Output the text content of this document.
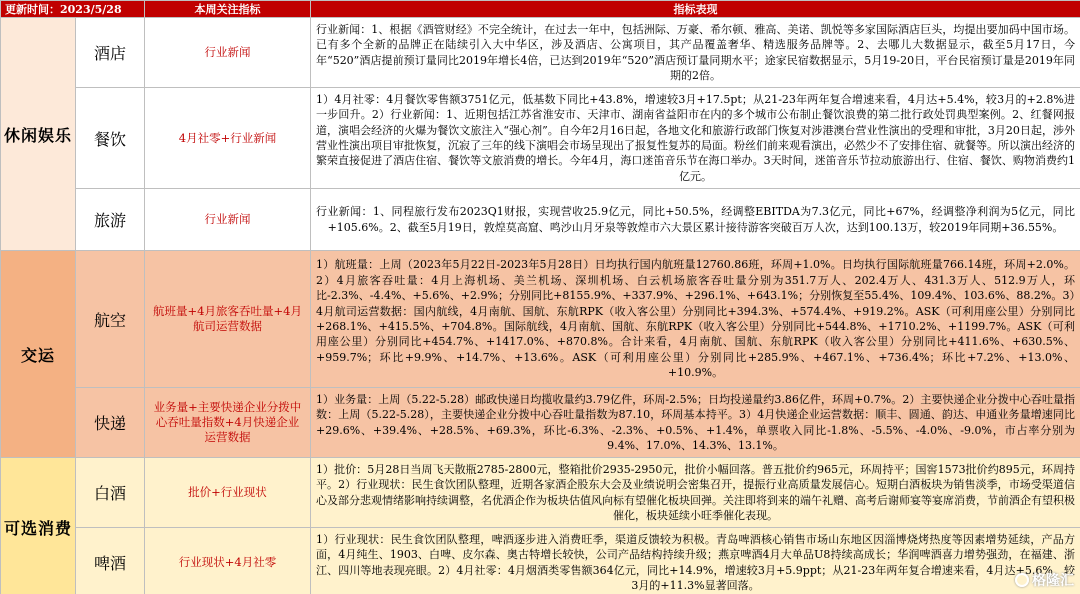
更新时间：2023/5/28		本周关注指标	指标表现
休闲娱乐	酒店	行业新闻	行业新闻：1、根据《酒管财经》不完全统计，在过去一年中，包括洲际、万豪、希尔顿、雅高、美诺、凯悦等多家国际酒店巨头，均提出要加码中国市场。已有多个全新的品牌正在陆续引入大中华区，涉及酒店、公寓项目，其产品覆盖奢华、精选服务品牌等。2、去哪儿大数据显示，截至5月17日，今年“520”酒店提前预订量同比2019年增长4倍，已达到2019年“520”酒店预订量同期水平；途家民宿数据显示，5月19-20日，平台民宿预订量是2019年同期的2倍。
	餐饮	4月社零+行业新闻	1）4月社零：4月餐饮零售额3751亿元，低基数下同比+43.8%，增速较3月+17.5pt；从21-23年两年复合增速来看，4月达+5.4%，较3月的+2.8%进一步回升。2）行业新闻：1、近期包括江苏省淮安市、天津市、湖南省益阳市在内的多个城市公布制止餐饮浪费的第二批行政处罚典型案例。2、红餐网报道，演唱会经济的火爆为餐饮文旅注入“强心剂”。自今年2月16日起，各地文化和旅游行政部门恢复对涉港澳台营业性演出的受理和审批，3月20日起，涉外营业性演出项目审批恢复，沉寂了三年的线下演唱会市场呈现出了报复性复苏的局面。粉丝们前来观看演出，必然少不了安排住宿、就餐等。所以演出经济的繁荣直接促进了酒店住宿、餐饮等文旅消费的增长。今年4月，海口迷笛音乐节在海口举办。3天时间，迷笛音乐节拉动旅游出行、住宿、餐饮、购物消费约1亿元。
	旅游	行业新闻	行业新闻：1、同程旅行发布2023Q1财报，实现营收25.9亿元，同比+50.5%，经调整EBITDA为7.3亿元，同比+67%，经调整净利润为5亿元，同比+105.6%。2、截至5月19日，敦煌莫高窟、鸣沙山月牙泉等敦煌市六大景区累计接待游客突破百万人次，达到100.13万，较2019年同期+36.55%。
交运	航空	航班量+4月旅客吞吐量+4月航司运营数据	1）航班量：上周（2023年5月22日-2023年5月28日）日均执行国内航班量12760.86班，环周+1.0%。日均执行国际航班量766.14班，环周+2.0%。2）4月旅客吞吐量：4月上海机场、美兰机场、深圳机场、白云机场旅客吞吐量分别为351.7万人、202.4万人、431.3万人、512.9万人，环比-2.3%、-4.4%、+5.6%、+2.9%；分别同比+8155.9%、+337.9%、+296.1%、+643.1%；分别恢复至55.4%、109.4%、103.6%、88.2%。3）4月航司运营数据：国内航线，4月南航、国航、东航RPK（收入客公里）分别同比+394.3%、+574.4%、+919.2%。ASK（可利用座公里）分别同比+268.1%、+415.5%、+704.8%。国际航线，4月南航、国航、东航RPK（收入客公里）分别同比+544.8%、+1710.2%、+1199.7%。ASK（可利用座公里）分别同比+454.7%、+1417.0%、+870.8%。合计来看，4月南航、国航、东航RPK（收入客公里）分别同比+411.6%、+630.5%、+959.7%；环比+9.9%、+14.7%、+13.6%。ASK（可利用座公里）分别同比+285.9%、+467.1%、+736.4%；环比+7.2%、+13.0%、+10.9%。
	快递	业务量+主要快递企业分拨中心吞吐量指数+4月快递企业运营数据	1）业务量：上周（5.22-5.28）邮政快递日均揽收量约3.79亿件，环周-2.5%；日均投递量约3.86亿件，环周+0.7%。2）主要快递企业分拨中心吞吐量指数：上周（5.22-5.28），主要快递企业分拨中心吞吐量指数为87.10，环周基本持平。3）4月快递企业运营数据：顺丰、圆通、韵达、申通业务量增速同比+29.6%、+39.4%、+28.5%、+69.3%，环比-6.3%、-2.3%、+0.5%、+1.4%，单票收入同比-1.8%、-5.5%、-4.0%、-9.0%，市占率分别为9.4%、17.0%、14.3%、13.1%。
可选消费	白酒	批价+行业现状	1）批价：5月28日当周飞天散瓶2785-2800元，整箱批价2935-2950元，批价小幅回落。普五批价约965元，环周持平；国窖1573批价约895元，环周持平。2）行业现状：民生食饮团队整理，近期各家酒企股东大会及业绩说明会密集召开，提振行业高质量发展信心。短期白酒板块为销售淡季，市场受渠道信心及部分悲观情绪影响持续调整，名优酒企作为板块估值风向标有望催化板块回弹。关注即将到来的端午礼赠、高考后谢师宴等宴席消费，节前酒企有望积极催化，板块延续小旺季催化表现。
	啤酒	行业现状+4月社零	1）行业现状：民生食饮团队整理，啤酒逐步进入消费旺季，渠道反馈较为积极。青岛啤酒核心销售市场山东地区因淄博烧烤热度等因素增势延续，产品方面，4月纯生、1903、白啤、皮尔森、奥古特增长较快，公司产品结构持续升级；燕京啤酒4月大单品U8持续高成长；华润啤酒喜力增势强劲，在福建、浙江、四川等地表现亮眼。2）4月社零：4月烟酒类零售额364亿元，同比+14.9%，增速较3月+5.9ppt；从21-23年两年复合增速来看，4月达+5.6%，较3月的+11.3%显著回落。	格隆汇
